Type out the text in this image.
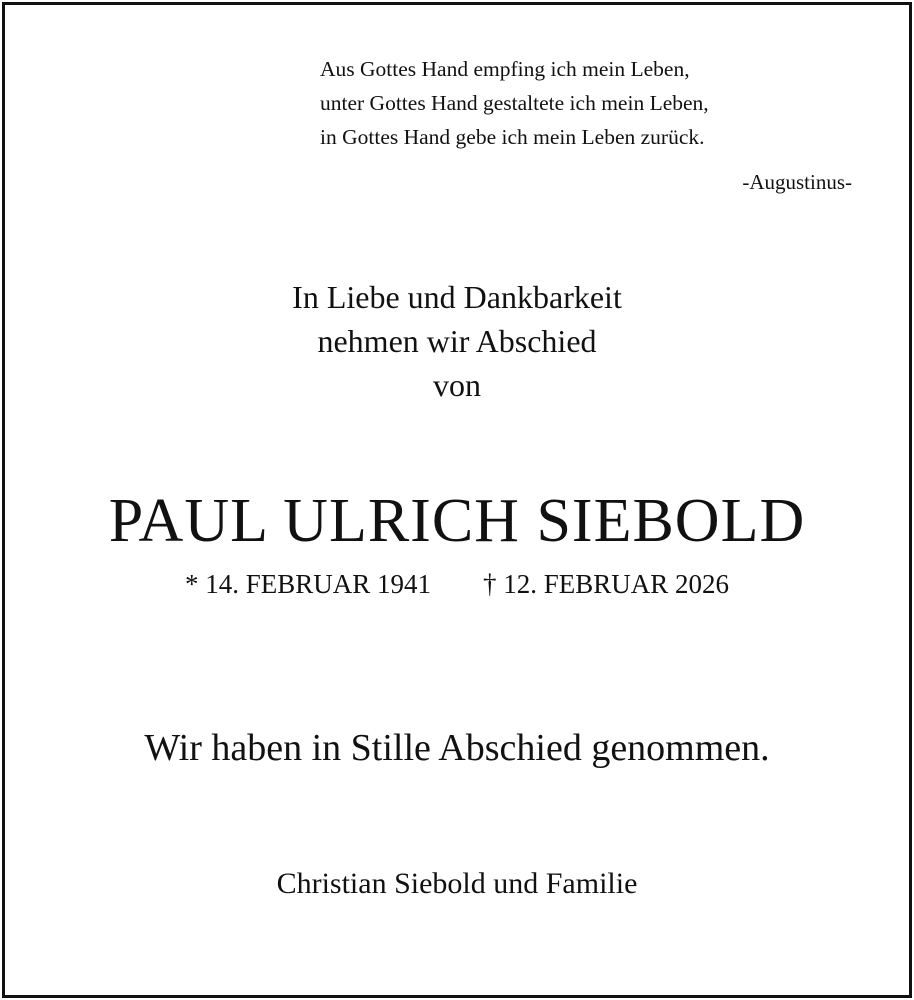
Aus Gottes Hand empfing ich mein Leben,
unter Gottes Hand gestaltete ich mein Leben,
in Gottes Hand gebe ich mein Leben zurück.
-Augustinus-
In Liebe und Dankbarkeit
nehmen wir Abschied
von
PAUL ULRICH SIEBOLD
* 14. FEBRUAR 1941 † 12. FEBRUAR 2026
Wir haben in Stille Abschied genommen.
Christian Siebold und Familie
